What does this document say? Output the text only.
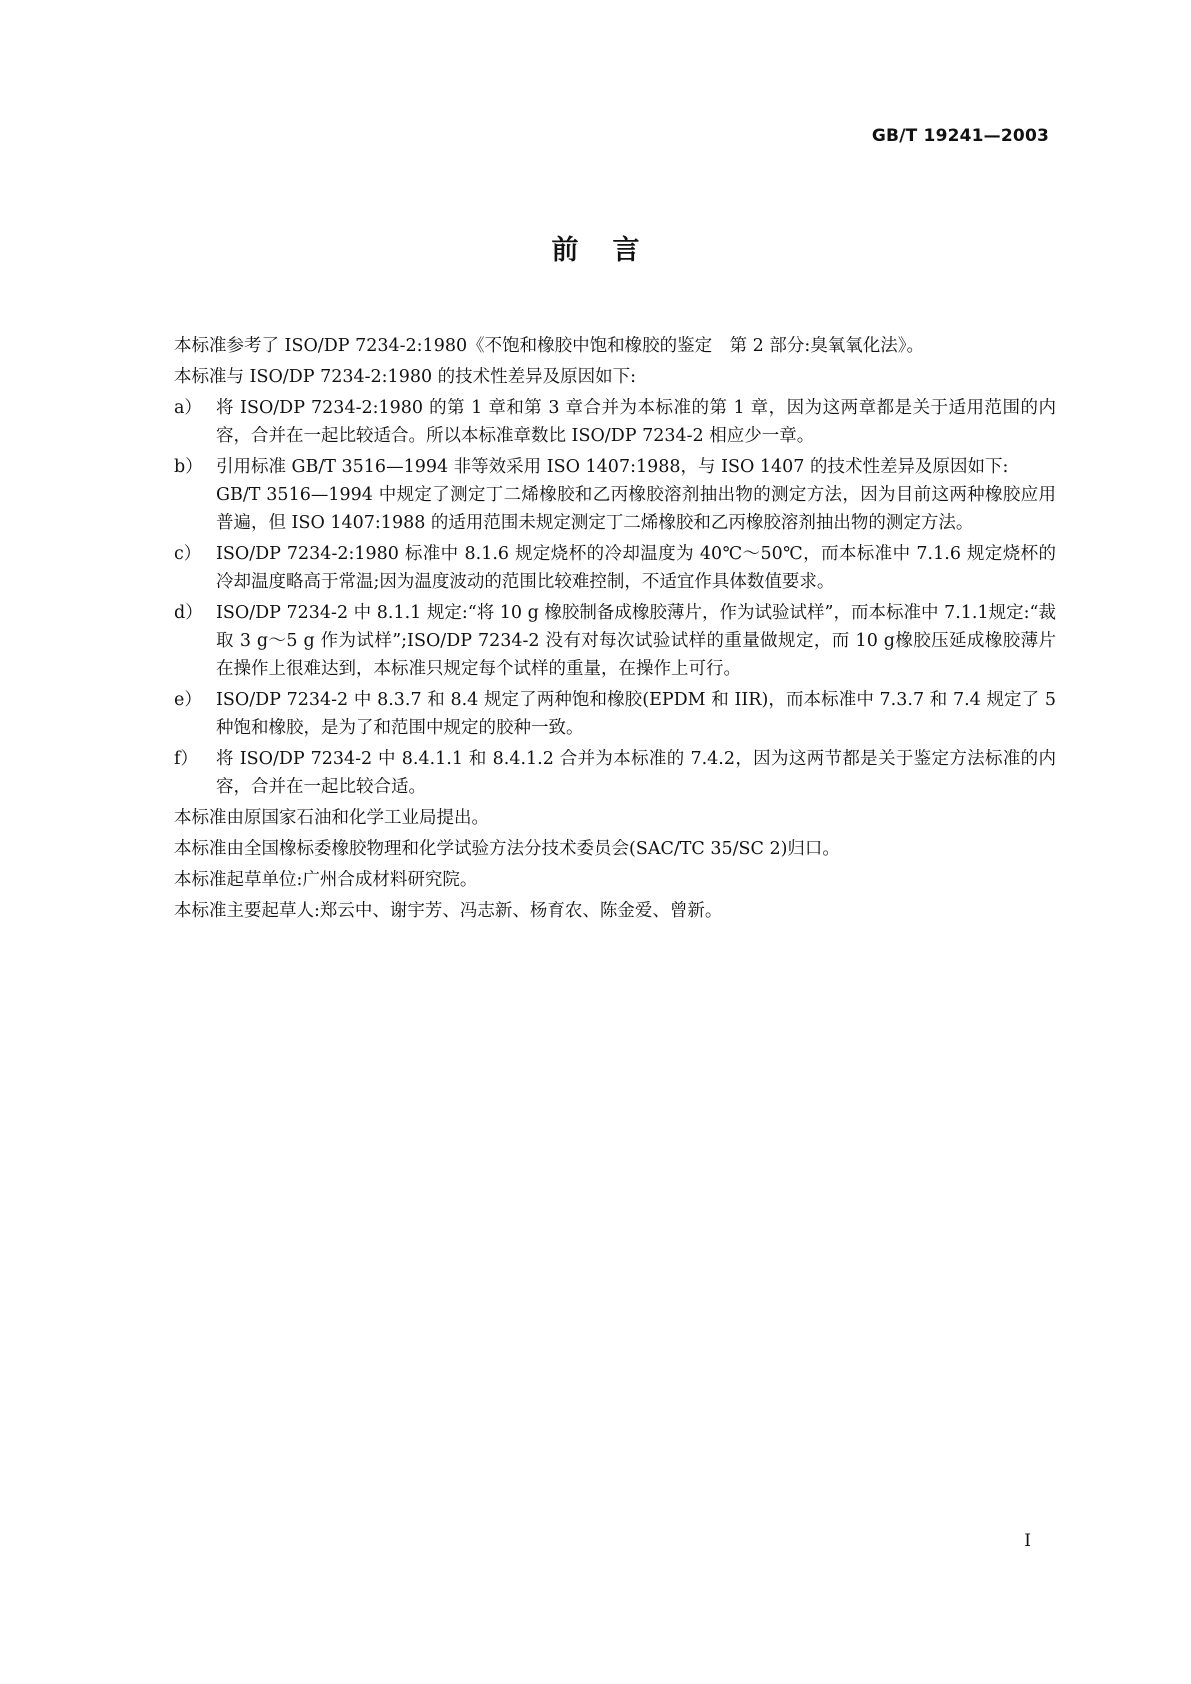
GB/T 19241—2003
前言

本标准参考了 ISO/DP 7234-2:1980《不饱和橡胶中饱和橡胶的鉴定　第 2 部分:臭氧氧化法》。

本标准与 ISO/DP 7234-2:1980 的技术性差异及原因如下:

a） 将 ISO/DP 7234-2:1980 的第 1 章和第 3 章合并为本标准的第 1 章，因为这两章都是关于适用范围的内容，合并在一起比较适合。所以本标准章数比 ISO/DP 7234-2 相应少一章。

b） 引用标准 GB/T 3516—1994 非等效采用 ISO 1407:1988，与 ISO 1407 的技术性差异及原因如下:

GB/T 3516—1994 中规定了测定丁二烯橡胶和乙丙橡胶溶剂抽出物的测定方法，因为目前这两种橡胶应用普遍，但 ISO 1407:1988 的适用范围未规定测定丁二烯橡胶和乙丙橡胶溶剂抽出物的测定方法。

c） ISO/DP 7234-2:1980 标准中 8.1.6 规定烧杯的冷却温度为 40℃～50℃，而本标准中 7.1.6 规定烧杯的冷却温度略高于常温;因为温度波动的范围比较难控制，不适宜作具体数值要求。

d） ISO/DP 7234-2 中 8.1.1 规定:“将 10 g 橡胶制备成橡胶薄片，作为试验试样”，而本标准中 7.1.1规定:“裁取 3 g～5 g 作为试样”;ISO/DP 7234-2 没有对每次试验试样的重量做规定，而 10 g橡胶压延成橡胶薄片在操作上很难达到，本标准只规定每个试样的重量，在操作上可行。

e） ISO/DP 7234-2 中 8.3.7 和 8.4 规定了两种饱和橡胶(EPDM 和 IIR)，而本标准中 7.3.7 和 7.4 规定了 5 种饱和橡胶，是为了和范围中规定的胶种一致。

f）	将 ISO/DP 7234-2 中 8.4.1.1 和 8.4.1.2 合并为本标准的 7.4.2，因为这两节都是关于鉴定方法标准的内容，合并在一起比较合适。

本标准由原国家石油和化学工业局提出。

本标准由全国橡标委橡胶物理和化学试验方法分技术委员会(SAC/TC 35/SC 2)归口。

本标准起草单位:广州合成材料研究院。

本标准主要起草人:郑云中、谢宇芳、冯志新、杨育农、陈金爱、曾新。

I
